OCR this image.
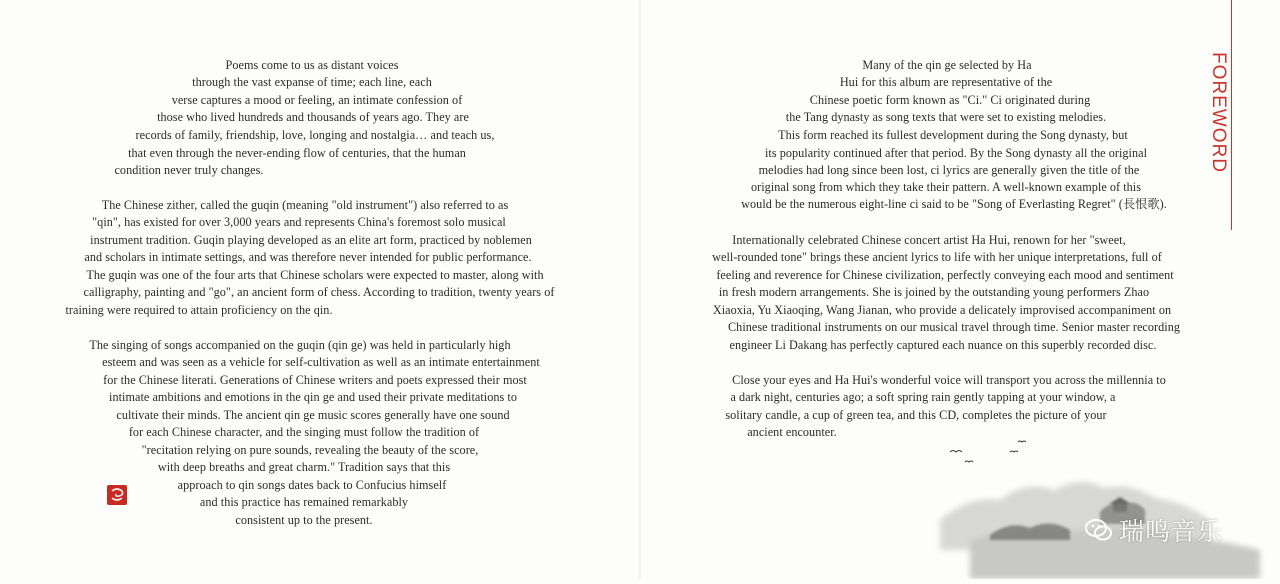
Poems come to us as distant voices
through the vast expanse of time; each line, each
verse captures a mood or feeling, an intimate confession of
those who lived hundreds and thousands of years ago. They are
records of family, friendship, love, longing and nostalgia… and teach us,
that even through the never-ending flow of centuries, that the human
condition never truly changes.
The Chinese zither, called the guqin (meaning "old instrument") also referred to as
"qin", has existed for over 3,000 years and represents China's foremost solo musical
instrument tradition. Guqin playing developed as an elite art form, practiced by noblemen
and scholars in intimate settings, and was therefore never intended for public performance.
The guqin was one of the four arts that Chinese scholars were expected to master, along with
calligraphy, painting and "go", an ancient form of chess. According to tradition, twenty years of
training were required to attain proficiency on the qin.
The singing of songs accompanied on the guqin (qin ge) was held in particularly high
esteem and was seen as a vehicle for self-cultivation as well as an intimate entertainment
for the Chinese literati. Generations of Chinese writers and poets expressed their most
intimate ambitions and emotions in the qin ge and used their private meditations to
cultivate their minds. The ancient qin ge music scores generally have one sound
for each Chinese character, and the singing must follow the tradition of
"recitation relying on pure sounds, revealing the beauty of the score,
with deep breaths and great charm." Tradition says that this
approach to qin songs dates back to Confucius himself
and this practice has remained remarkably
consistent up to the present.
Many of the qin ge selected by Ha
Hui for this album are representative of the
Chinese poetic form known as "Ci." Ci originated during
the Tang dynasty as song texts that were set to existing melodies.
This form reached its fullest development during the Song dynasty, but
its popularity continued after that period. By the Song dynasty all the original
melodies had long since been lost, ci lyrics are generally given the title of the
original song from which they take their pattern. A well-known example of this
would be the numerous eight-line ci said to be "Song of Everlasting Regret" (長恨歌).
Internationally celebrated Chinese concert artist Ha Hui, renown for her "sweet,
well-rounded tone" brings these ancient lyrics to life with her unique interpretations, full of
feeling and reverence for Chinese civilization, perfectly conveying each mood and sentiment
in fresh modern arrangements. She is joined by the outstanding young performers Zhao
Xiaoxia, Yu Xiaoqing, Wang Jianan, who provide a delicately improvised accompaniment on
Chinese traditional instruments on our musical travel through time. Senior master recording
engineer Li Dakang has perfectly captured each nuance on this superbly recorded disc.
Close your eyes and Ha Hui's wonderful voice will transport you across the millennia to
a dark night, centuries ago; a soft spring rain gently tapping at your window, a
solitary candle, a cup of green tea, and this CD, completes the picture of your
ancient encounter.
FOREWORD
瑞鸣音乐
